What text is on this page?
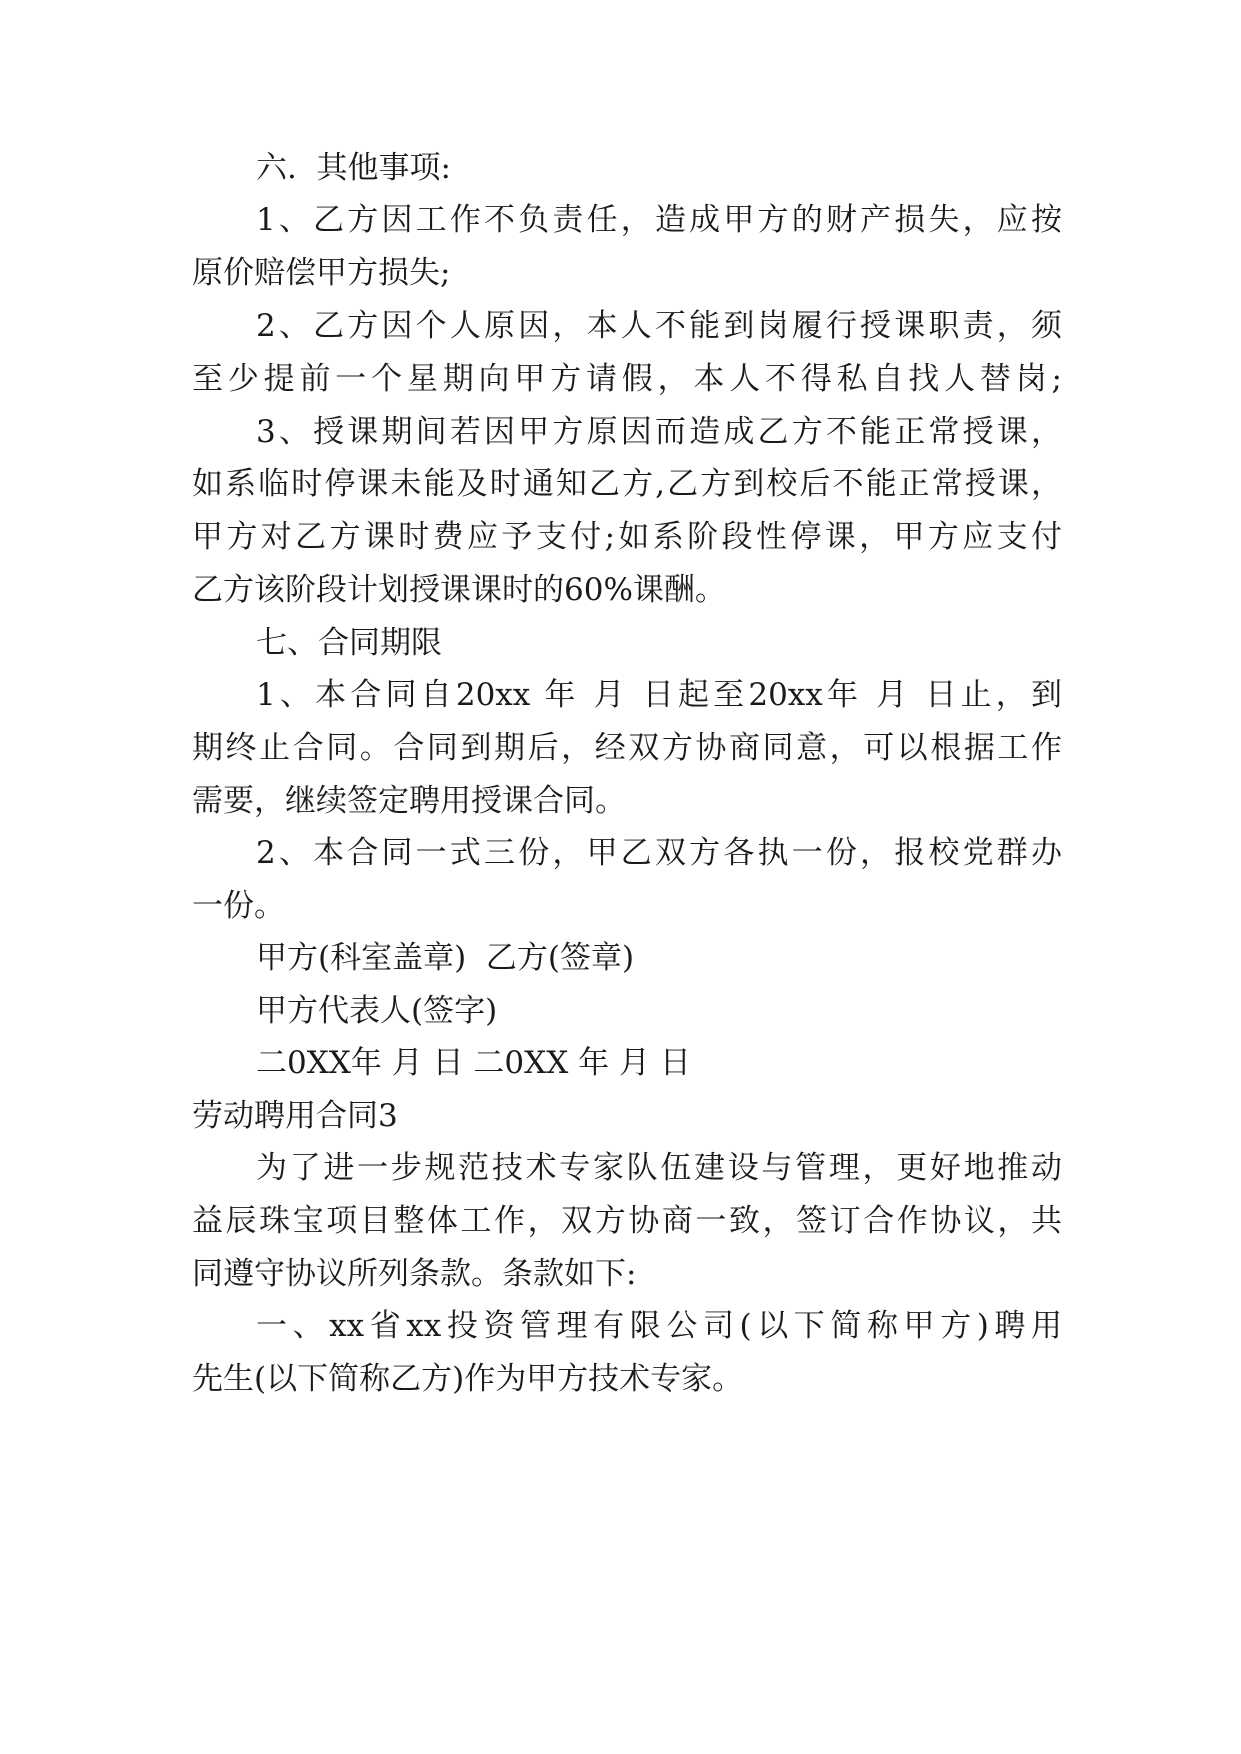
六.  其他事项:
1、乙方因工作不负责任，造成甲方的财产损失，应按
原价赔偿甲方损失;
2、乙方因个人原因，本人不能到岗履行授课职责，须
至少提前一个星期向甲方请假，本人不得私自找人替岗;
3、授课期间若因甲方原因而造成乙方不能正常授课，
如系临时停课未能及时通知乙方,乙方到校后不能正常授课，
甲方对乙方课时费应予支付;如系阶段性停课，甲方应支付
乙方该阶段计划授课课时的60%课酬。
七、合同期限
1、本合同自20xx 年 月 日起至20xx年 月 日止，到
期终止合同。合同到期后，经双方协商同意，可以根据工作
需要，继续签定聘用授课合同。
2、本合同一式三份，甲乙双方各执一份，报校党群办
一份。
甲方(科室盖章)  乙方(签章)
甲方代表人(签字)
二0XX年 月 日 二0XX 年 月 日
劳动聘用合同3
为了进一步规范技术专家队伍建设与管理，更好地推动
益辰珠宝项目整体工作，双方协商一致，签订合作协议，共
同遵守协议所列条款。条款如下:
一、xx省xx投资管理有限公司(以下简称甲方)聘用
先生(以下简称乙方)作为甲方技术专家。
